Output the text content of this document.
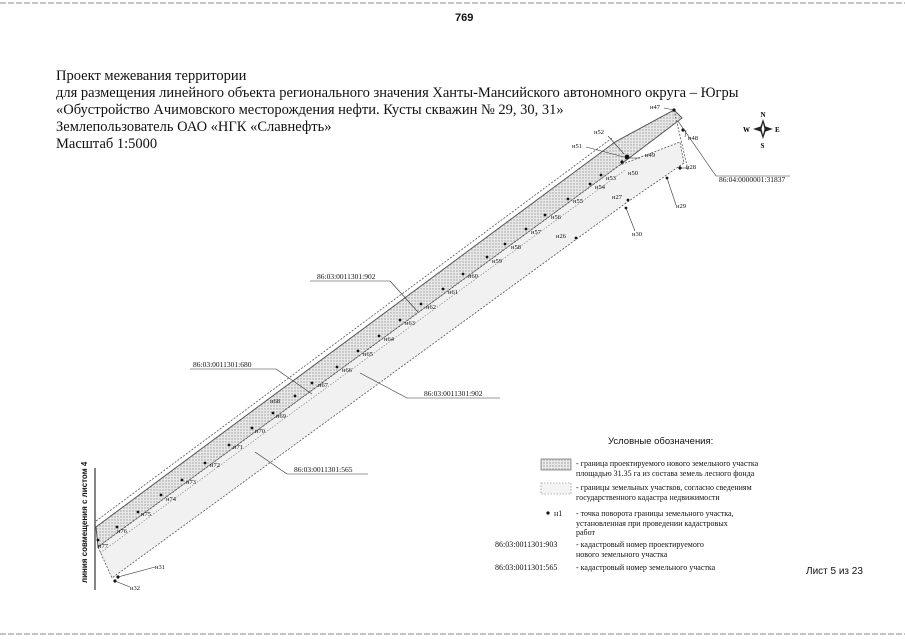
769
Проект межевания территории
для размещения линейного объекта регионального значения Ханты-Мансийского автономного округа – Югры
«Обустройство Ачимовского месторождения нефти. Кусты скважин № 29, 30, 31»
Землепользователь ОАО «НГК «Славнефть»
Масштаб 1:5000
н47
н48
н49
н50
н51
н52
н53
н54
н55
н56
н57
н58
н59
н60
н61
н62
н63
н64
н65
н66
н67
н68
н69
н70
н71
н72
н73
н74
н75
н76
н77
н26
н27
н28
н29
н30
н31
н32
86:04:0000001:31837
86:03:0011301:902
86:03:0011301:680
86:03:0011301:902
86:03:0011301:565
N
S
E
W
Условные обозначения:
- граница проектируемого нового земельного участка площадью 31.35 га из состава земель лесного фонда
- границы земельных участков, согласно сведениям государственного кадастра недвижимости
н1 - точка поворота границы земельного участка, установленная при проведении кадастровых работ
86:03:0011301:903 - кадастровый номер проектируемого нового земельного участка
86:03:0011301:565 - кадастровый номер земельного участка	Лист 5 из 23
линия совмещения с листом 4
